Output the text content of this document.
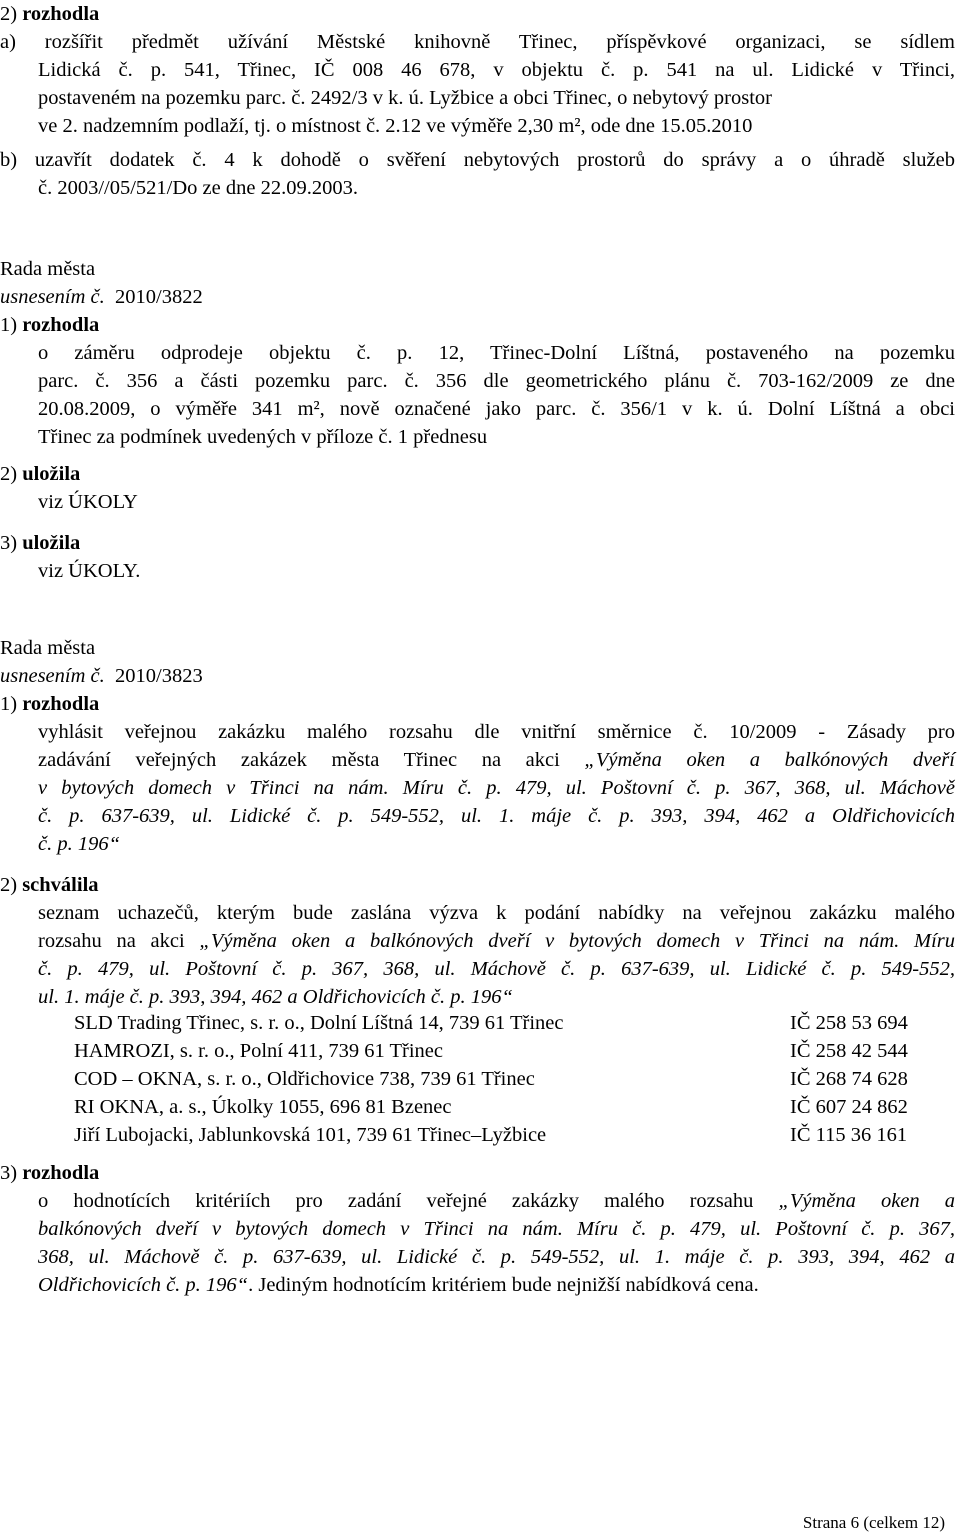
2) rozhodla
a) rozšířit předmět užívání Městské knihovně Třinec, příspěvkové organizaci, se sídlem
Lidická č. p. 541, Třinec, IČ 008 46 678, v objektu č. p. 541 na ul. Lidické v Třinci,
postaveném na pozemku parc. č. 2492/3 v k. ú. Lyžbice a obci Třinec, o nebytový prostor
ve 2. nadzemním podlaží, tj. o místnost č. 2.12 ve výměře 2,30 m², ode dne 15.05.2010
b) uzavřít dodatek č. 4 k dohodě o svěření nebytových prostorů do správy a o úhradě služeb
č. 2003//05/521/Do ze dne 22.09.2003.
Rada města
usnesením č. 2010/3822
1) rozhodla
o záměru odprodeje objektu č. p. 12, Třinec-Dolní Líštná, postaveného na pozemku
parc. č. 356 a části pozemku parc. č. 356 dle geometrického plánu č. 703-162/2009 ze dne
20.08.2009, o výměře 341 m², nově označené jako parc. č. 356/1 v k. ú. Dolní Líštná a obci
Třinec za podmínek uvedených v příloze č. 1 přednesu
2) uložila
viz ÚKOLY
3) uložila
viz ÚKOLY.
Rada města
usnesením č. 2010/3823
1) rozhodla
vyhlásit veřejnou zakázku malého rozsahu dle vnitřní směrnice č. 10/2009 - Zásady pro
zadávání veřejných zakázek města Třinec na akci „Výměna oken a balkónových dveří
v bytových domech v Třinci na nám. Míru č. p. 479, ul. Poštovní č. p. 367, 368, ul. Máchově
č. p. 637-639, ul. Lidické č. p. 549-552, ul. 1. máje č. p. 393, 394, 462 a Oldřichovicích
č. p. 196“
2) schválila
seznam uchazečů, kterým bude zaslána výzva k podání nabídky na veřejnou zakázku malého
rozsahu na akci „Výměna oken a balkónových dveří v bytových domech v Třinci na nám. Míru
č. p. 479, ul. Poštovní č. p. 367, 368, ul. Máchově č. p. 637-639, ul. Lidické č. p. 549-552,
ul. 1. máje č. p. 393, 394, 462 a Oldřichovicích č. p. 196“
SLD Trading Třinec, s. r. o., Dolní Líštná 14, 739 61 Třinec	IČ 258 53 694
HAMROZI, s. r. o., Polní 411, 739 61 Třinec	IČ 258 42 544
COD – OKNA, s. r. o., Oldřichovice 738, 739 61 Třinec	IČ 268 74 628
RI OKNA, a. s., Úkolky 1055, 696 81 Bzenec	IČ 607 24 862
Jiří Lubojacki, Jablunkovská 101, 739 61 Třinec–Lyžbice	IČ 115 36 161
3) rozhodla
o hodnotících kritériích pro zadání veřejné zakázky malého rozsahu „Výměna oken a
balkónových dveří v bytových domech v Třinci na nám. Míru č. p. 479, ul. Poštovní č. p. 367,
368, ul. Máchově č. p. 637-639, ul. Lidické č. p. 549-552, ul. 1. máje č. p. 393, 394, 462 a
Oldřichovicích č. p. 196“. Jediným hodnotícím kritériem bude nejnižší nabídková cena.
Strana 6 (celkem 12)
